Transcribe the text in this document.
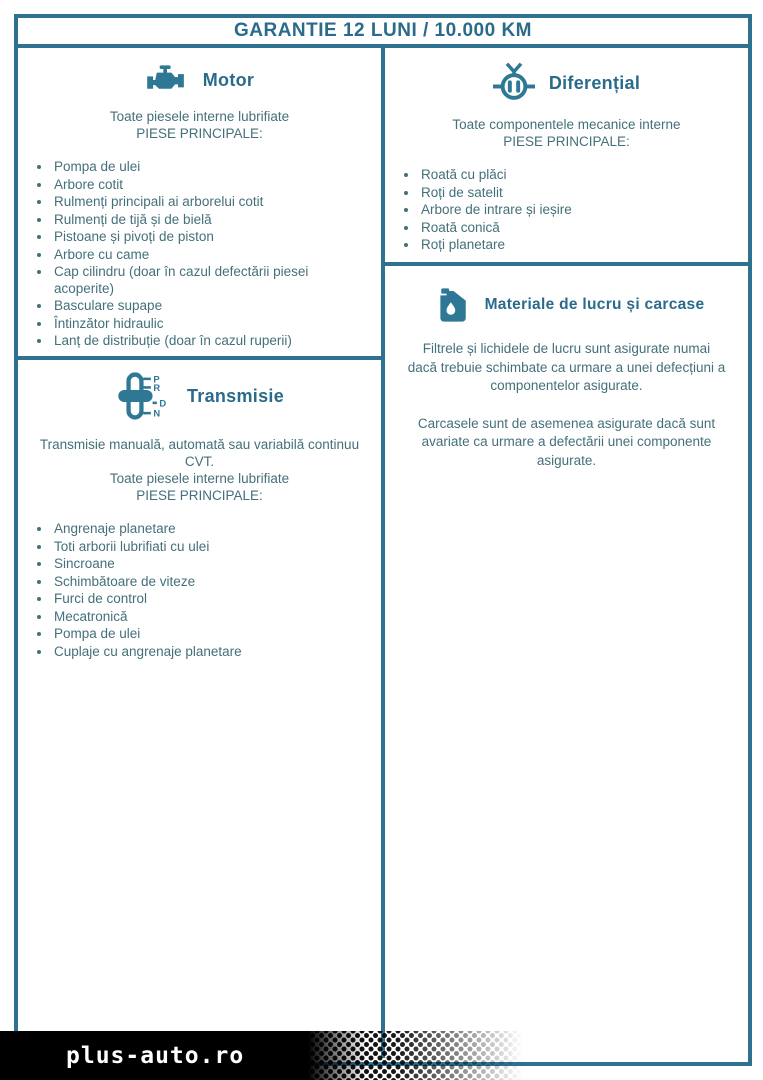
GARANTIE 12 LUNI / 10.000 KM
Motor
Toate piesele interne lubrifiate
PIESE PRINCIPALE:
• Pompa de ulei
• Arbore cotit
• Rulmenți principali ai arborelui cotit
• Rulmenți de tijă și de bielă
• Pistoane și pivoți de piston
• Arbore cu came
• Cap cilindru (doar în cazul defectării piesei acoperite)
• Basculare supape
• Întinzător hidraulic
• Lanț de distribuție (doar în cazul ruperii)
P
R
D
N
Transmisie
Transmisie manuală, automată sau variabilă continuu CVT.
Toate piesele interne lubrifiate
PIESE PRINCIPALE:
• Angrenaje planetare
• Toti arborii lubrifiati cu ulei
• Sincroane
• Schimbătoare de viteze
• Furci de control
• Mecatronică
• Pompa de ulei
• Cuplaje cu angrenaje planetare
Diferențial
Toate componentele mecanice interne
PIESE PRINCIPALE:
• Roată cu plăci
• Roți de satelit
• Arbore de intrare și ieșire
• Roată conică
• Roți planetare
Materiale de lucru și carcase

Filtrele și lichidele de lucru sunt asigurate numai dacă trebuie schimbate ca urmare a unei defecțiuni a componentelor asigurate.

Carcasele sunt de asemenea asigurate dacă sunt avariate ca urmare a defectării unei componente asigurate.

plus-auto.ro
